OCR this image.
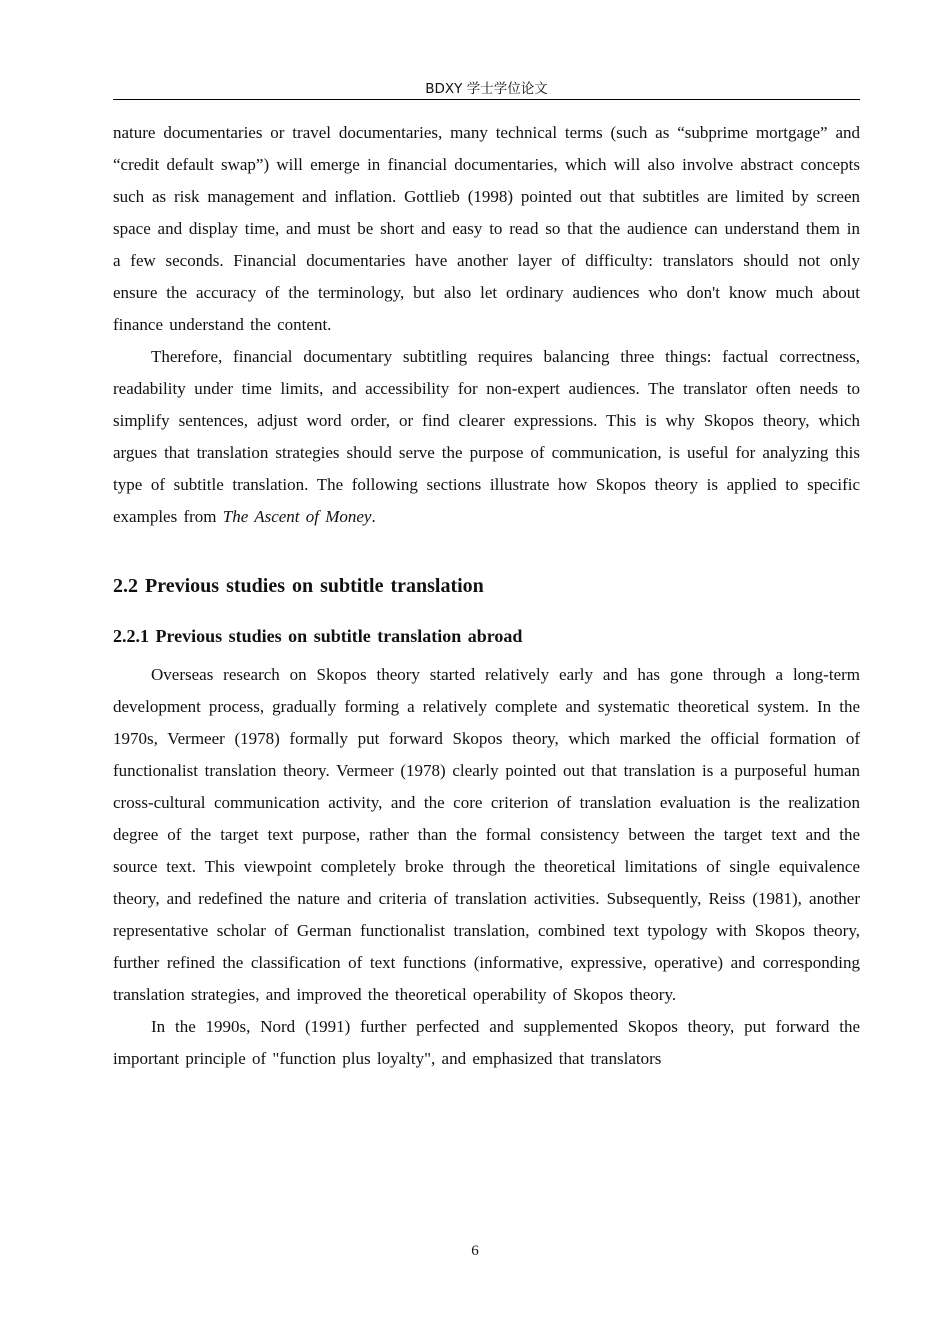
BDXY 学士学位论文

nature documentaries or travel documentaries, many technical terms (such as “subprime mortgage” and “credit default swap”) will emerge in financial documentaries, which will also involve abstract concepts such as risk management and inflation. Gottlieb (1998) pointed out that subtitles are limited by screen space and display time, and must be short and easy to read so that the audience can understand them in a few seconds. Financial documentaries have another layer of difficulty: translators should not only ensure the accuracy of the terminology, but also let ordinary audiences who don't know much about finance understand the content.

Therefore, financial documentary subtitling requires balancing three things: factual correctness, readability under time limits, and accessibility for non-expert audiences. The translator often needs to simplify sentences, adjust word order, or find clearer expressions. This is why Skopos theory, which argues that translation strategies should serve the purpose of communication, is useful for analyzing this type of subtitle translation. The following sections illustrate how Skopos theory is applied to specific examples from The Ascent of Money.

2.2 Previous studies on subtitle translation

2.2.1 Previous studies on subtitle translation abroad

Overseas research on Skopos theory started relatively early and has gone through a long-term development process, gradually forming a relatively complete and systematic theoretical system. In the 1970s, Vermeer (1978) formally put forward Skopos theory, which marked the official formation of functionalist translation theory. Vermeer (1978) clearly pointed out that translation is a purposeful human cross-cultural communication activity, and the core criterion of translation evaluation is the realization degree of the target text purpose, rather than the formal consistency between the target text and the source text. This viewpoint completely broke through the theoretical limitations of single equivalence theory, and redefined the nature and criteria of translation activities. Subsequently, Reiss (1981), another representative scholar of German functionalist translation, combined text typology with Skopos theory, further refined the classification of text functions (informative, expressive, operative) and corresponding translation strategies, and improved the theoretical operability of Skopos theory.

In the 1990s, Nord (1991) further perfected and supplemented Skopos theory, put forward the important principle of "function plus loyalty", and emphasized that translators

6
